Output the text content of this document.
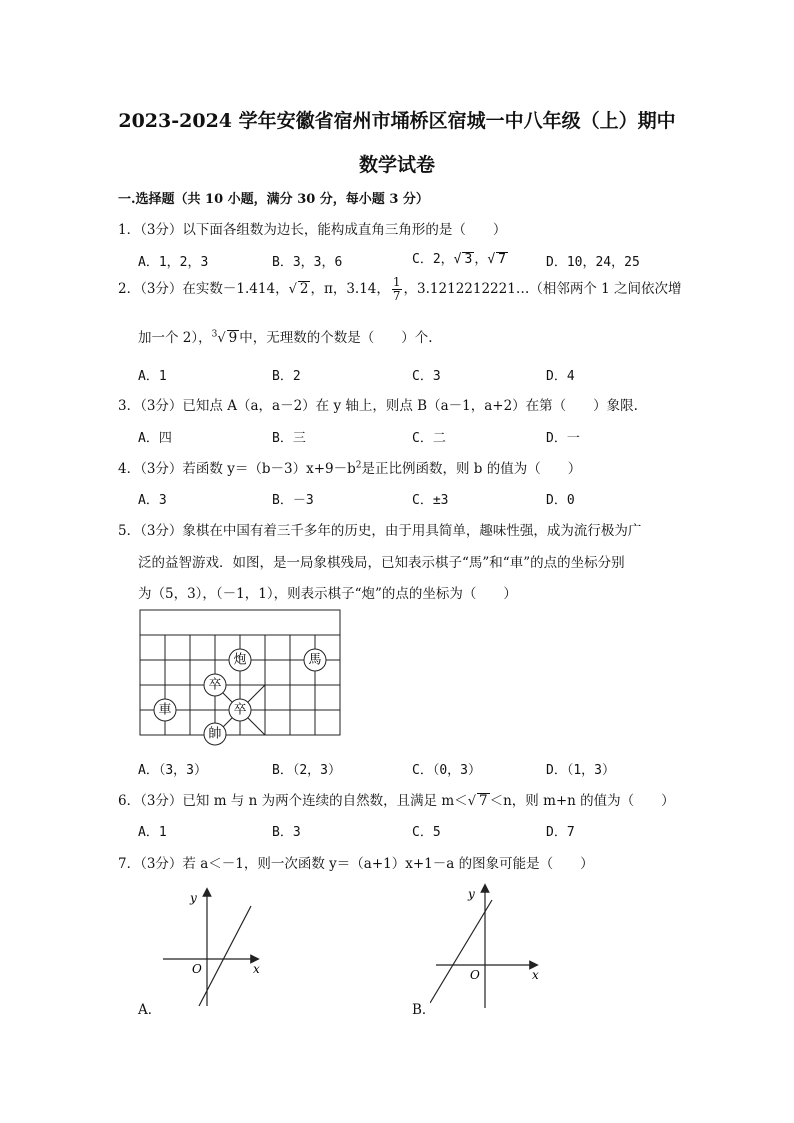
2023-2024 学年安徽省宿州市埇桥区宿城一中八年级（上）期中
数学试卷
一.选择题（共 10 小题，满分 30 分，每小题 3 分）
1．（3分）以下面各组数为边长，能构成直角三角形的是（　　）
A．1，2，3	B．3，3，6	C．2，√ 3 ，√ 7	D．10，24，25
2．（3分）在实数－1.414，√ 2 ，π，3.14， $\frac{1}{7}$ ，3.1212212221…（相邻两个 1 之间依次增
加一个 2），$^3$√ 9 中，无理数的个数是（　　）个.
A．1	B．2	C．3	D．4
3．（3分）已知点 A（a，a－2）在 y 轴上，则点 B（a－1，a+2）在第（　　）象限.
A．四	B．三	C．二	D．一
4．（3分）若函数 $y=(b-3)x+9-b^2$是正比例函数，则 b 的值为（　　）
A．3	B．－3	C．±3	D．0
5．（3分）象棋在中国有着三千多年的历史，由于用具简单，趣味性强，成为流行极为广
泛的益智游戏．如图，是一局象棋残局，已知表示棋子“馬”和“車”的点的坐标分别
为（5，3），（－1，1），则表示棋子“炮”的点的坐标为（　　）
炮	馬
卒
卒
車
帥
A．（3，3）	B．（2，3）	C．（0，3）	D．（1，3）
6．（3分）已知 m 与 n 为两个连续的自然数，且满足 m＜√ 7 ＜n，则 m+n 的值为（　　）
A．1	B．3	C．5	D．7
7．（3分）若 a＜－1，则一次函数 y＝（a+1）x+1－a 的图象可能是（　　）
y
x
O
A．
y
x
O
B．
